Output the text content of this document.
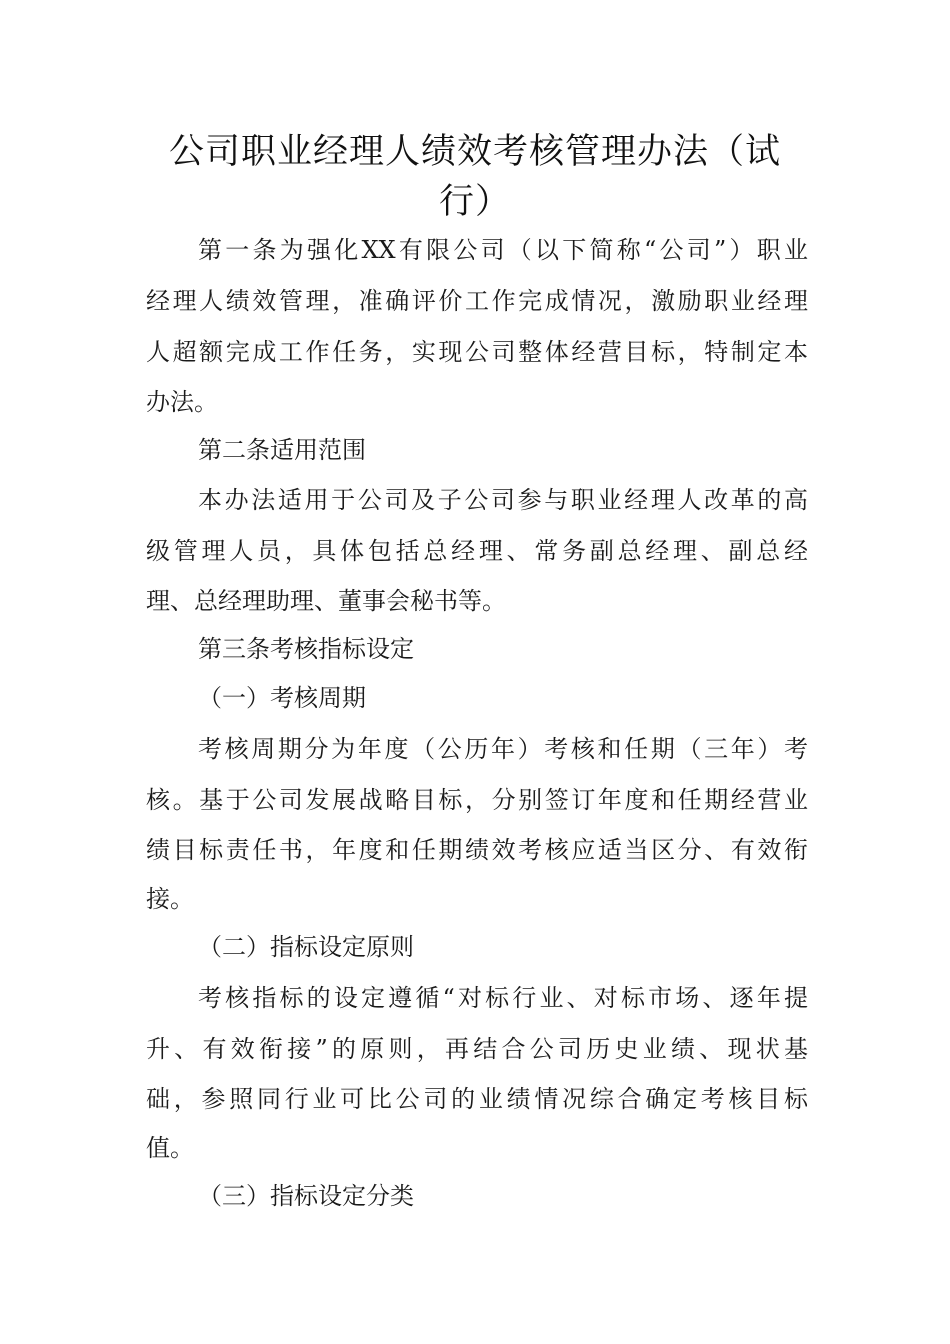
公司职业经理人绩效考核管理办法（试
行）
第一条为强化XX有限公司（以下简称“公司”）职业
经理人绩效管理，准确评价工作完成情况，激励职业经理
人超额完成工作任务，实现公司整体经营目标，特制定本
办法。
第二条适用范围
本办法适用于公司及子公司参与职业经理人改革的高
级管理人员，具体包括总经理、常务副总经理、副总经
理、总经理助理、董事会秘书等。
第三条考核指标设定
（一）考核周期
考核周期分为年度（公历年）考核和任期（三年）考
核。基于公司发展战略目标，分别签订年度和任期经营业
绩目标责任书，年度和任期绩效考核应适当区分、有效衔
接。
（二）指标设定原则
考核指标的设定遵循“对标行业、对标市场、逐年提
升、有效衔接”的原则，再结合公司历史业绩、现状基
础，参照同行业可比公司的业绩情况综合确定考核目标
值。
（三）指标设定分类
